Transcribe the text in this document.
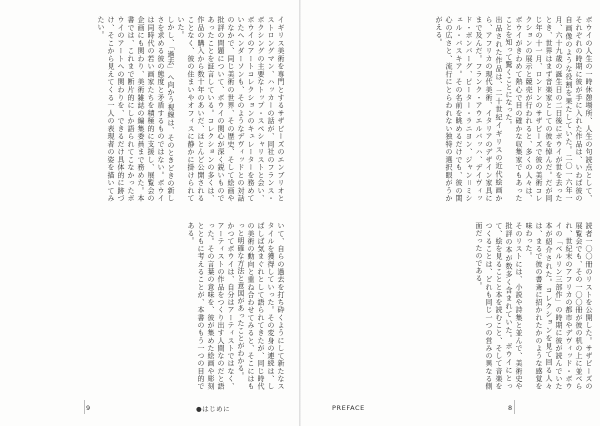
ボウイの人生の一時休憩場所、人生の句読点として、それぞれの時期に彼が手に入れた作品は、いわば彼の自画像のような役割を果たしていた。二〇一六年一月、六十九歳の誕生日の二日後にボウイが世を去ったとき、世界はまず音楽家としての彼を悼んだ。だが同じ年の十一月、ロンドンのサザビーズで彼の美術コレクションの展示と競売が行われると、多くの人々は、ボウイがきわめて熱心で目の確かな収集家でもあったことを知って驚くことになった。

出品された作品は、二十世紀イギリスの近代絵画から、アフリカの現代美術、イタリアのデザイン家具にまで及んだ。フランク・アウエルバッハ、デイヴィッド・ボンバーグ、ピーター・ラニヨン、ジャン＝ミシェル・バスキア。その名前を眺めるだけでも、彼の関心の広さと、流行にとらわれない独特の選択眼がうかがえる。

読者一〇〇冊のリストを公開した。サザビーズの展覧会でも、その一〇〇冊が彼の机の上に並べられ、世紀末のアフリカの都市やデヴィッド・ボウイの「ベルリン三部作」の時期に彼が読んでいた本が紹介された。コレクションを見て回る人々は、まるで彼の書斎に招かれたかのような感覚を味わった。

そのリストには、小説や詩集と並んで、美術史や批評の本が数多く含まれていた。ボウイにとって、絵を見ることと本を読むこと、そして音楽をつくることは、どれも同じ一つの営みの異なる側面だったのである。

イギリス美術を専門とするサザビーズのエンブリオとストロングマン、ハッカーの話が、同社のフランス・ボクシングの主要なトップ・スペシャリストと会い、ボウイのアートコレクションのキュレーターを務めていたヘンダーソンも、そのようなデヴィッドとの対話のなかで、同じ美術の世界、その歴史、そして絵画や批評の問題について、ボウイの関心が深く鋭いものであったことを証言している。コレクションの多くは、作品の購入から数十年のあいだ、ほとんど公開されることなく、彼の住まいやオフィスに静かに掛けられていた。

しかし、「過去」へ向かう視線は、そのときどきの新しさを求める彼の態度と矛盾するものではない。ボウイは同時代の若い画家たちを積極的に支援し、展覧会の企画にも関わり、美術雑誌の編集委員まで務めた。本書では、これまで断片的にしか語られてこなかったボウイのアートへの関わりを、できるだけ具体的に跡づけ、そこから見えてくる一人の表現者の姿を描いてみたい。

いて、自らの過去を打ち砕くようにして新たなスタイルを獲得していった。その変身の連続は、しばしば気まぐれとして語られてきたが、同じ時代の美術の動向と重ね合わせてみると、そこにはもっと明確な方法と意図があったことがわかる。

かつてボウイは、自分はアーティストではなく、アーティストの作品をつくり出す人間なのだと語った。その言葉の意味を、彼が集めた絵画や彫刻とともに考えることが、本書のもう一つの目的である。

9	●はじめに	PREFACE	8
